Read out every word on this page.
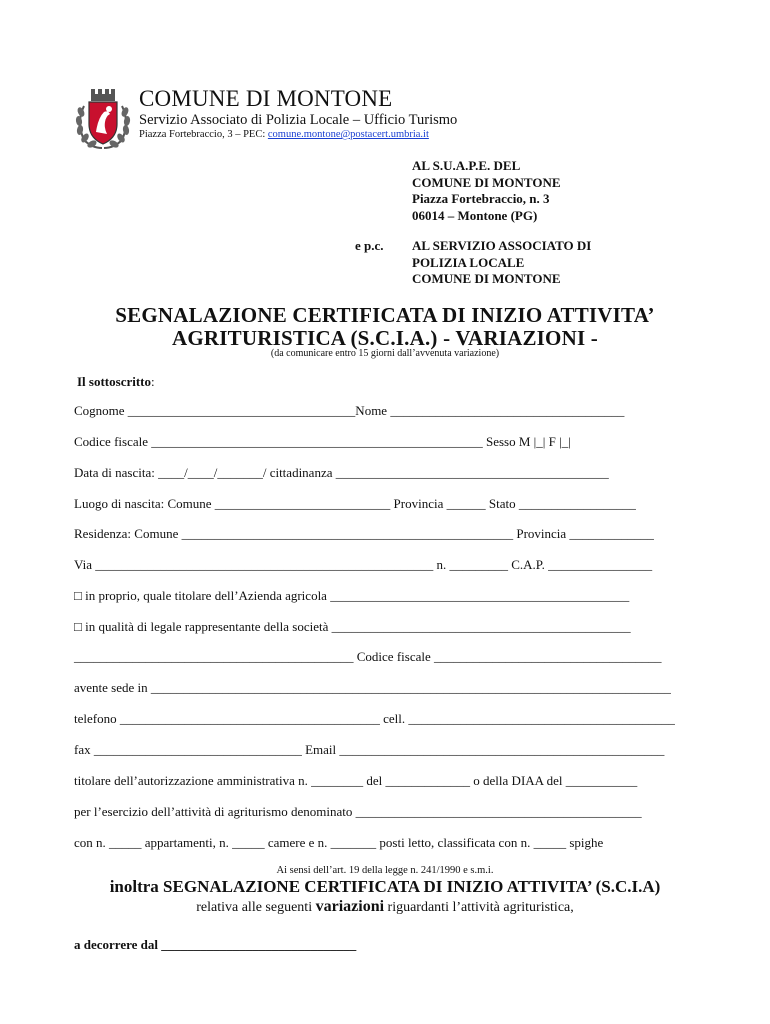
COMUNE DI MONTONE
Servizio Associato di Polizia Locale – Ufficio Turismo
Piazza Fortebraccio, 3 – PEC: comune.montone@postacert.umbria.it
AL S.U.A.P.E. DEL
COMUNE DI MONTONE
Piazza Fortebraccio, n. 3
06014 – Montone (PG)
e p.c. AL SERVIZIO ASSOCIATO DI
POLIZIA LOCALE
COMUNE DI MONTONE
SEGNALAZIONE CERTIFICATA DI INIZIO ATTIVITA’
AGRITURISTICA (S.C.I.A.) - VARIAZIONI -
(da comunicare entro 15 giorni dall’avvenuta variazione)
Il sottoscritto:
Cognome ___________________________________Nome ____________________________________
Codice fiscale ___________________________________________________ Sesso M |_| F |_|
Data di nascita: ____/____/_______/ cittadinanza __________________________________________
Luogo di nascita: Comune ___________________________ Provincia ______ Stato __________________
Residenza: Comune ___________________________________________________ Provincia _____________
Via ____________________________________________________ n. _________ C.A.P. ________________
□ in proprio, quale titolare dell’Azienda agricola ______________________________________________
□ in qualità di legale rappresentante della società ______________________________________________
___________________________________________ Codice fiscale ___________________________________
avente sede in ________________________________________________________________________________
telefono ________________________________________ cell. _________________________________________
fax ________________________________ Email __________________________________________________
titolare dell’autorizzazione amministrativa n. ________ del _____________ o della DIAA del ___________
per l’esercizio dell’attività di agriturismo denominato ____________________________________________
con n. _____ appartamenti, n. _____ camere e n. _______ posti letto, classificata con n. _____ spighe
Ai sensi dell’art. 19 della legge n. 241/1990 e s.m.i.
inoltra SEGNALAZIONE CERTIFICATA DI INIZIO ATTIVITA’ (S.C.I.A)
relativa alle seguenti variazioni riguardanti l’attività agrituristica,
a decorrere dal ______________________________
